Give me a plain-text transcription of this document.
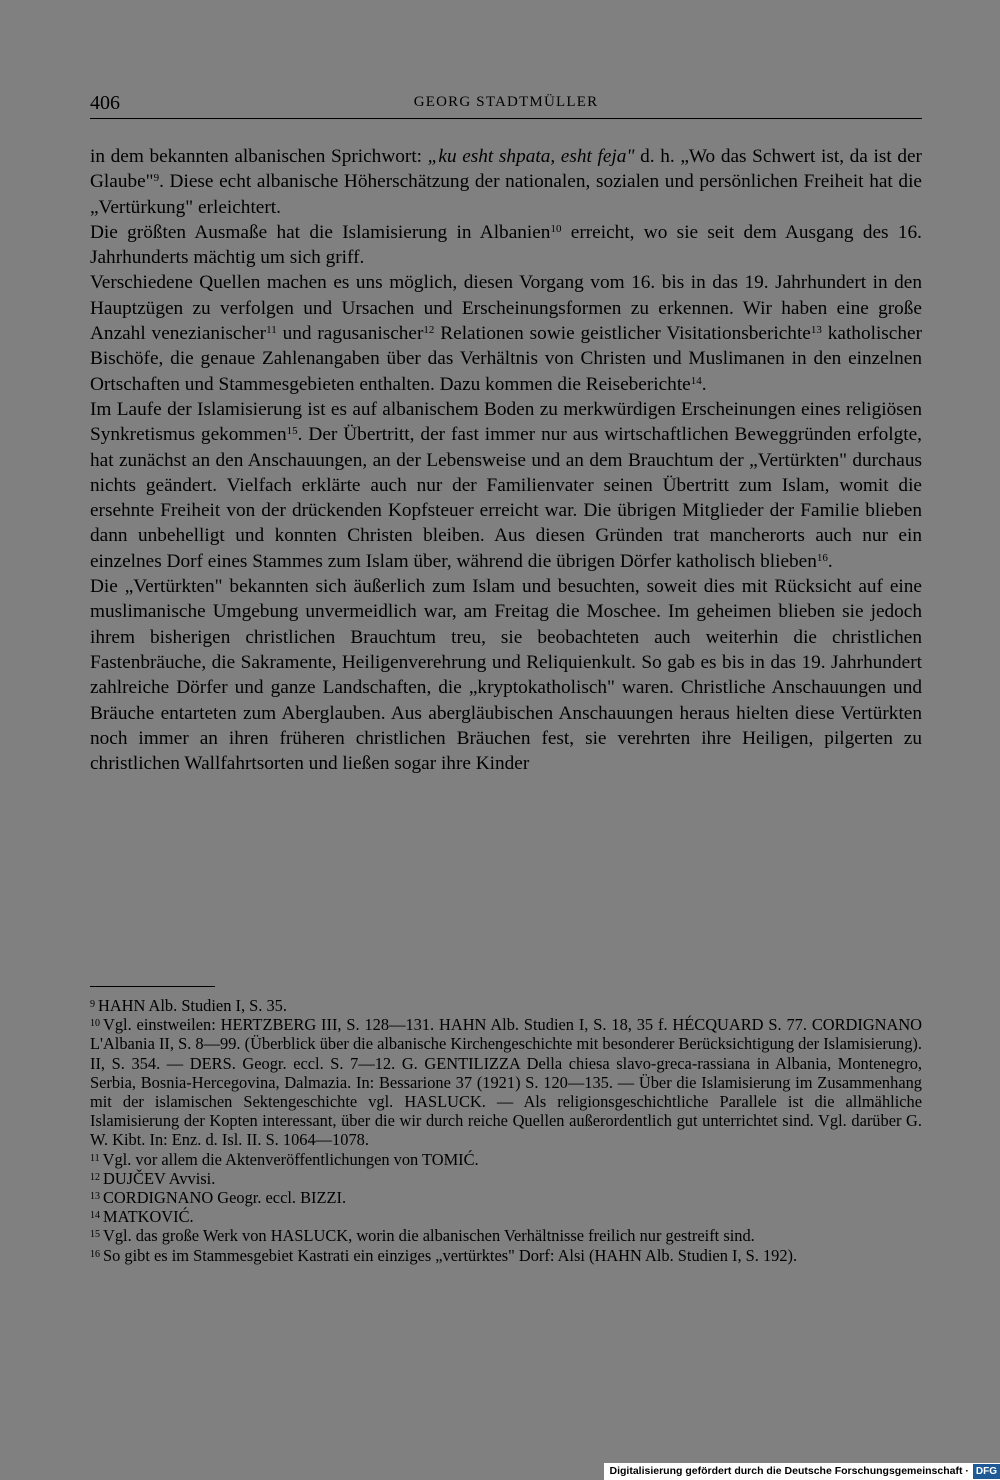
406	GEORG STADTMÜLLER

in dem bekannten albanischen Sprichwort: „ku esht shpata, esht feja" d. h. „Wo das Schwert ist, da ist der Glaube"$^9$. Diese echt albanische Höherschätzung der nationalen, sozialen und persönlichen Freiheit hat die „Vertürkung" erleichtert.

Die größten Ausmaße hat die Islamisierung in Albanien$^{10}$ erreicht, wo sie seit dem Ausgang des 16. Jahrhunderts mächtig um sich griff.

Verschiedene Quellen machen es uns möglich, diesen Vorgang vom 16. bis in das 19. Jahrhundert in den Hauptzügen zu verfolgen und Ursachen und Erscheinungsformen zu erkennen. Wir haben eine große Anzahl venezianischer$^{11}$ und ragusanischer$^{12}$ Relationen sowie geistlicher Visitationsberichte$^{13}$ katholischer Bischöfe, die genaue Zahlenangaben über das Verhältnis von Christen und Muslimanen in den einzelnen Ortschaften und Stammesgebieten enthalten. Dazu kommen die Reiseberichte$^{14}$.

Im Laufe der Islamisierung ist es auf albanischem Boden zu merkwürdigen Erscheinungen eines religiösen Synkretismus gekommen$^{15}$. Der Übertritt, der fast immer nur aus wirtschaftlichen Beweggründen erfolgte, hat zunächst an den Anschauungen, an der Lebensweise und an dem Brauchtum der „Vertürkten" durchaus nichts geändert. Vielfach erklärte auch nur der Familienvater seinen Übertritt zum Islam, womit die ersehnte Freiheit von der drückenden Kopfsteuer erreicht war. Die übrigen Mitglieder der Familie blieben dann unbehelligt und konnten Christen bleiben. Aus diesen Gründen trat mancherorts auch nur ein einzelnes Dorf eines Stammes zum Islam über, während die übrigen Dörfer katholisch blieben$^{16}$.

Die „Vertürkten" bekannten sich äußerlich zum Islam und besuchten, soweit dies mit Rücksicht auf eine muslimanische Umgebung unvermeidlich war, am Freitag die Moschee. Im geheimen blieben sie jedoch ihrem bisherigen christlichen Brauchtum treu, sie beobachteten auch weiterhin die christlichen Fastenbräuche, die Sakramente, Heiligenverehrung und Reliquienkult. So gab es bis in das 19. Jahrhundert zahlreiche Dörfer und ganze Landschaften, die „kryptokatholisch" waren. Christliche Anschauungen und Bräuche entarteten zum Aberglauben. Aus abergläubischen Anschauungen heraus hielten diese Vertürkten noch immer an ihren früheren christlichen Bräuchen fest, sie verehrten ihre Heiligen, pilgerten zu christlichen Wallfahrtsorten und ließen sogar ihre Kinder

$^9$ HAHN Alb. Studien I, S. 35.

$^{10}$ Vgl. einstweilen: HERTZBERG III, S. 128—131. HAHN Alb. Studien I, S. 18, 35 f. HÉCQUARD S. 77. CORDIGNANO L'Albania II, S. 8—99. (Überblick über die albanische Kirchengeschichte mit besonderer Berücksichtigung der Islamisierung). II, S. 354. — DERS. Geogr. eccl. S. 7—12. G. GENTILIZZA Della chiesa slavo-greca-rassiana in Albania, Montenegro, Serbia, Bosnia-Hercegovina, Dalmazia. In: Bessarione 37 (1921) S. 120—135. — Über die Islamisierung im Zusammenhang mit der islamischen Sektengeschichte vgl. HASLUCK. — Als religionsgeschichtliche Parallele ist die allmähliche Islamisierung der Kopten interessant, über die wir durch reiche Quellen außerordentlich gut unterrichtet sind. Vgl. darüber G. W. Kibt. In: Enz. d. Isl. II. S. 1064—1078.

$^{11}$ Vgl. vor allem die Aktenveröffentlichungen von TOMIĆ.

$^{12}$ DUJČEV Avvisi.

$^{13}$ CORDIGNANO Geogr. eccl. BIZZI.

$^{14}$ MATKOVIĆ.

$^{15}$ Vgl. das große Werk von HASLUCK, worin die albanischen Verhältnisse freilich nur gestreift sind.

$^{16}$ So gibt es im Stammesgebiet Kastrati ein einziges „vertürktes" Dorf: Alsi (HAHN Alb. Studien I, S. 192).

Digitalisierung gefördert durch die Deutsche Forschungsgemeinschaft · DFG
